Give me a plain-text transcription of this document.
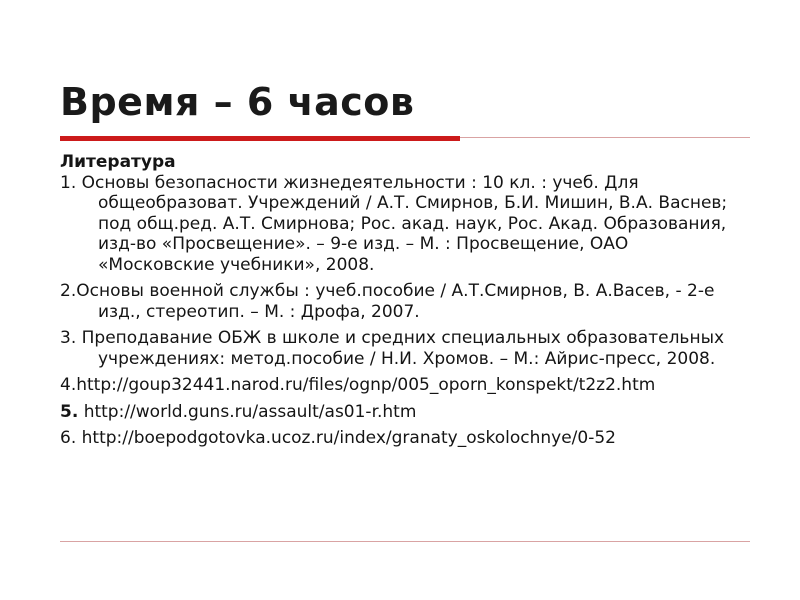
Время – 6 часов

Литература

1. Основы безопасности жизнедеятельности : 10 кл. : учеб. Для общеобразоват. Учреждений / А.Т. Смирнов, Б.И. Мишин, В.А. Васнев; под общ.ред. А.Т. Смирнова; Рос. акад. наук, Рос. Акад. Образования, изд-во «Просвещение». – 9-е изд. – М. : Просвещение, ОАО «Московские учебники», 2008.

2.Основы военной службы : учеб.пособие / А.Т.Смирнов, В. А.Васев, - 2-е изд., стереотип. – М. : Дрофа, 2007.

3. Преподавание ОБЖ в школе и средних специальных образовательных учреждениях: метод.пособие / Н.И. Хромов. – М.: Айрис-пресс, 2008.

4.http://goup32441.narod.ru/files/ognp/005_oporn_konspekt/t2z2.htm

5. http://world.guns.ru/assault/as01-r.htm

6. http://boepodgotovka.ucoz.ru/index/granaty_oskolochnye/0-52
